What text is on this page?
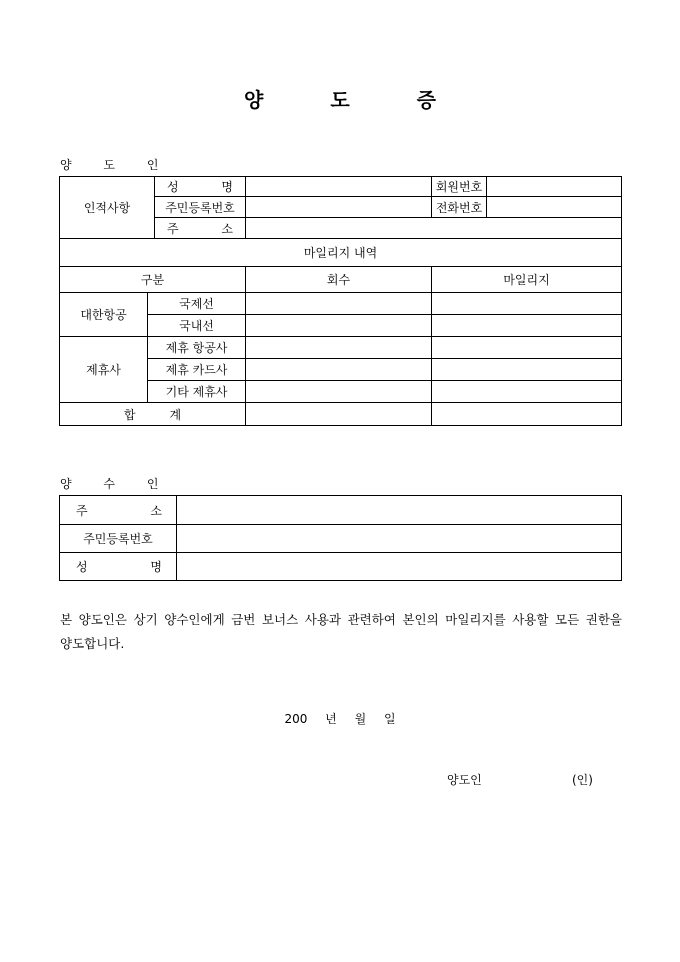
양 도 증
양 도 인
인적사항		성 명		회원번호	
		주민등록번호		전화번호	

		주 소			

마일리지 내역					
구분			회수	마일리지	
대한항공	국제선				
	국내선				
제휴사	제휴 항공사				
	제휴 카드사				
	기타 제휴사				

합 계					

양 수 인
주 소	

주민등록번호	

성 명	

본 양도인은 상기 양수인에게 금번 보너스 사용과 관련하여 본인의 마일리지를 사용할 모든 권한을 양도합니다.
200 년 월 일
양도인	(인)
